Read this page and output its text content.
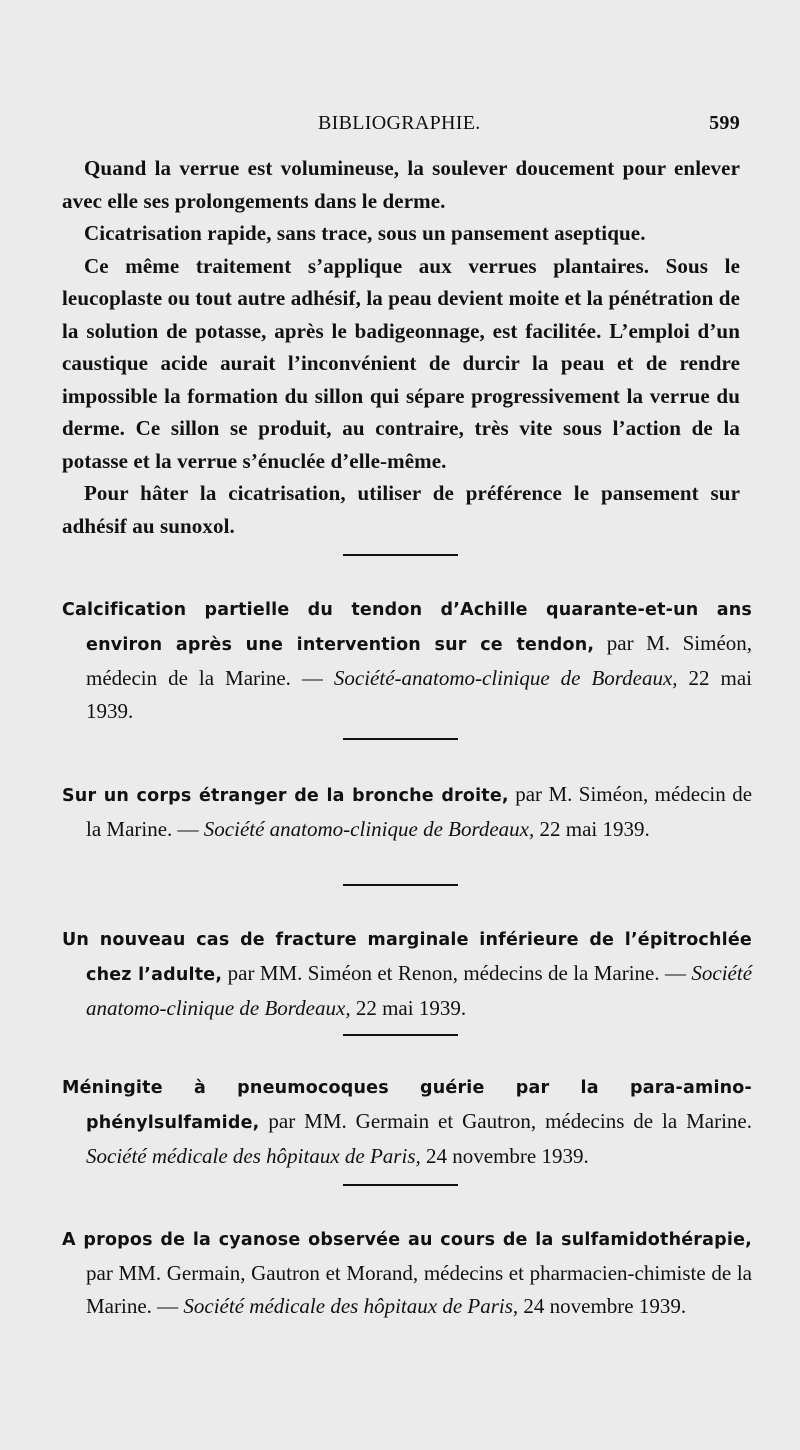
BIBLIOGRAPHIE.	599

Quand la verrue est volumineuse, la soulever doucement pour enlever avec elle ses prolongements dans le derme.

Cicatrisation rapide, sans trace, sous un pansement aseptique.

Ce même traitement s’applique aux verrues plantaires. Sous le leucoplaste ou tout autre adhésif, la peau devient moite et la pénétration de la solution de potasse, après le badigeonnage, est facilitée. L’emploi d’un caustique acide aurait l’inconvénient de durcir la peau et de rendre impossible la formation du sillon qui sépare progressivement la verrue du derme. Ce sillon se produit, au contraire, très vite sous l’action de la potasse et la verrue s’énuclée d’elle-même.

Pour hâter la cicatrisation, utiliser de préférence le pansement sur adhésif au sunoxol.

Calcification partielle du tendon d’Achille quarante-et-un ans environ après une intervention sur ce tendon, par M. Siméon, médecin de la Marine. — Société-anatomo-clinique de Bordeaux, 22 mai 1939.

Sur un corps étranger de la bronche droite, par M. Siméon, médecin de la Marine. — Société anatomo-clinique de Bordeaux, 22 mai 1939.

Un nouveau cas de fracture marginale inférieure de l’épitrochlée chez l’adulte, par MM. Siméon et Renon, médecins de la Marine. — Société anatomo-clinique de Bordeaux, 22 mai 1939.

Méningite à pneumocoques guérie par la para-amino-phénylsulfamide, par MM. Germain et Gautron, médecins de la Marine. Société médicale des hôpitaux de Paris, 24 novembre 1939.

A propos de la cyanose observée au cours de la sulfamidothérapie, par MM. Germain, Gautron et Morand, médecins et pharmacien-chimiste de la Marine. — Société médicale des hôpitaux de Paris, 24 novembre 1939.
